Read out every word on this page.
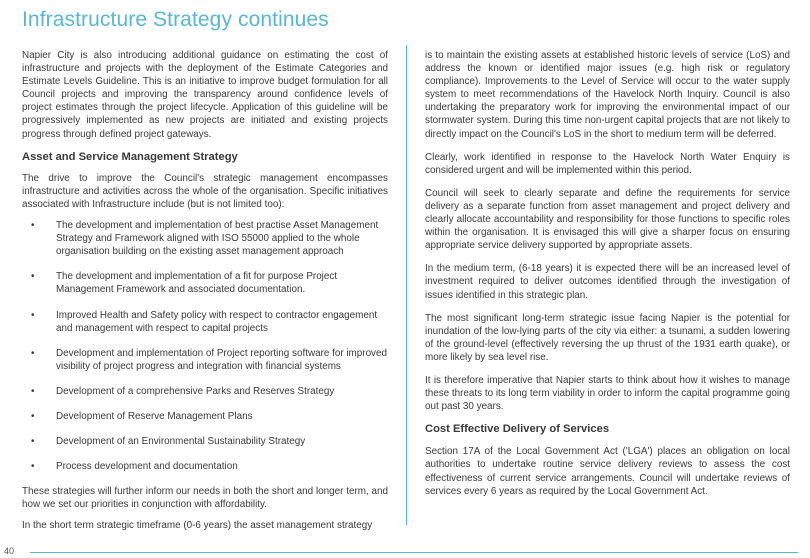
Infrastructure Strategy continues

Napier City is also introducing additional guidance on estimating the cost of infrastructure and projects with the deployment of the Estimate Categories and Estimate Levels Guideline. This is an initiative to improve budget formulation for all Council projects and improving the transparency around confidence levels of project estimates through the project lifecycle. Application of this guideline will be progressively implemented as new projects are initiated and existing projects progress through defined project gateways.

Asset and Service Management Strategy

The drive to improve the Council's strategic management encompasses infrastructure and activities across the whole of the organisation. Specific initiatives associated with Infrastructure include (but is not limited too):

• The development and implementation of best practise Asset Management Strategy and Framework aligned with ISO 55000 applied to the whole organisation building on the existing asset management approach
• The development and implementation of a fit for purpose Project Management Framework and associated documentation.
• Improved Health and Safety policy with respect to contractor engagement and management with respect to capital projects
• Development and implementation of Project reporting software for improved visibility of project progress and integration with financial systems
• Development of a comprehensive Parks and Reserves Strategy
• Development of Reserve Management Plans
• Development of an Environmental Sustainability Strategy
• Process development and documentation

These strategies will further inform our needs in both the short and longer term, and how we set our priorities in conjunction with affordability.

In the short term strategic timeframe (0-6 years) the asset management strategy

is to maintain the existing assets at established historic levels of service (LoS) and address the known or identified major issues (e.g. high risk or regulatory compliance). Improvements to the Level of Service will occur to the water supply system to meet recommendations of the Havelock North Inquiry. Council is also undertaking the preparatory work for improving the environmental impact of our stormwater system. During this time non-urgent capital projects that are not likely to directly impact on the Council's LoS in the short to medium term will be deferred.

Clearly, work identified in response to the Havelock North Water Enquiry is considered urgent and will be implemented within this period.

Council will seek to clearly separate and define the requirements for service delivery as a separate function from asset management and project delivery and clearly allocate accountability and responsibility for those functions to specific roles within the organisation. It is envisaged this will give a sharper focus on ensuring appropriate service delivery supported by appropriate assets.

In the medium term, (6-18 years) it is expected there will be an increased level of investment required to deliver outcomes identified through the investigation of issues identified in this strategic plan.

The most significant long-term strategic issue facing Napier is the potential for inundation of the low-lying parts of the city via either: a tsunami, a sudden lowering of the ground-level (effectively reversing the up thrust of the 1931 earth quake), or more likely by sea level rise.

It is therefore imperative that Napier starts to think about how it wishes to manage these threats to its long term viability in order to inform the capital programme going out past 30 years.

Cost Effective Delivery of Services

Section 17A of the Local Government Act ('LGA') places an obligation on local authorities to undertake routine service delivery reviews to assess the cost effectiveness of current service arrangements. Council will undertake reviews of services every 6 years as required by the Local Government Act.

40
